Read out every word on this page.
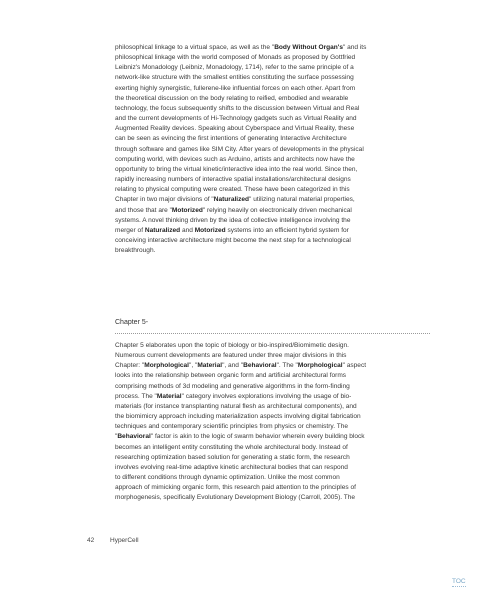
philosophical linkage to a virtual space, as well as the "Body Without Organ's" and its
philosophical linkage with the world composed of Monads as proposed by Gottfried
Leibniz's Monadology (Leibniz, Monadology, 1714), refer to the same principle of a
network-like structure with the smallest entities constituting the surface possessing
exerting highly synergistic, fullerene-like influential forces on each other. Apart from
the theoretical discussion on the body relating to reified, embodied and wearable
technology, the focus subsequently shifts to the discussion between Virtual and Real
and the current developments of Hi-Technology gadgets such as Virtual Reality and
Augmented Reality devices. Speaking about Cyberspace and Virtual Reality, these
can be seen as evincing the first intentions of generating Interactive Architecture
through software and games like SIM City. After years of developments in the physical
computing world, with devices such as Arduino, artists and architects now have the
opportunity to bring the virtual kinetic/interactive idea into the real world. Since then,
rapidly increasing numbers of interactive spatial installations/architectural designs
relating to physical computing were created. These have been categorized in this
Chapter in two major divisions of "Naturalized" utilizing natural material properties,
and those that are "Motorized" relying heavily on electronically driven mechanical
systems. A novel thinking driven by the idea of collective intelligence involving the
merger of Naturalized and Motorized systems into an efficient hybrid system for
conceiving interactive architecture might become the next step for a technological
breakthrough.

Chapter 5-

Chapter 5 elaborates upon the topic of biology or bio-inspired/Biomimetic design.
Numerous current developments are featured under three major divisions in this
Chapter: "Morphological", "Material", and "Behavioral". The "Morphological" aspect
looks into the relationship between organic form and artificial architectural forms
comprising methods of 3d modeling and generative algorithms in the form-finding
process. The "Material" category involves explorations involving the usage of bio-
materials (for instance transplanting natural flesh as architectural components), and
the biomimicry approach including materialization aspects involving digital fabrication
techniques and contemporary scientific principles from physics or chemistry. The
"Behavioral" factor is akin to the logic of swarm behavior wherein every building block
becomes an intelligent entity constituting the whole architectural body. Instead of
researching optimization based solution for generating a static form, the research
involves evolving real-time adaptive kinetic architectural bodies that can respond
to different conditions through dynamic optimization. Unlike the most common
approach of mimicking organic form, this research paid attention to the principles of
morphogenesis, specifically Evolutionary Development Biology (Carroll, 2005). The

42 HyperCell
TOC
